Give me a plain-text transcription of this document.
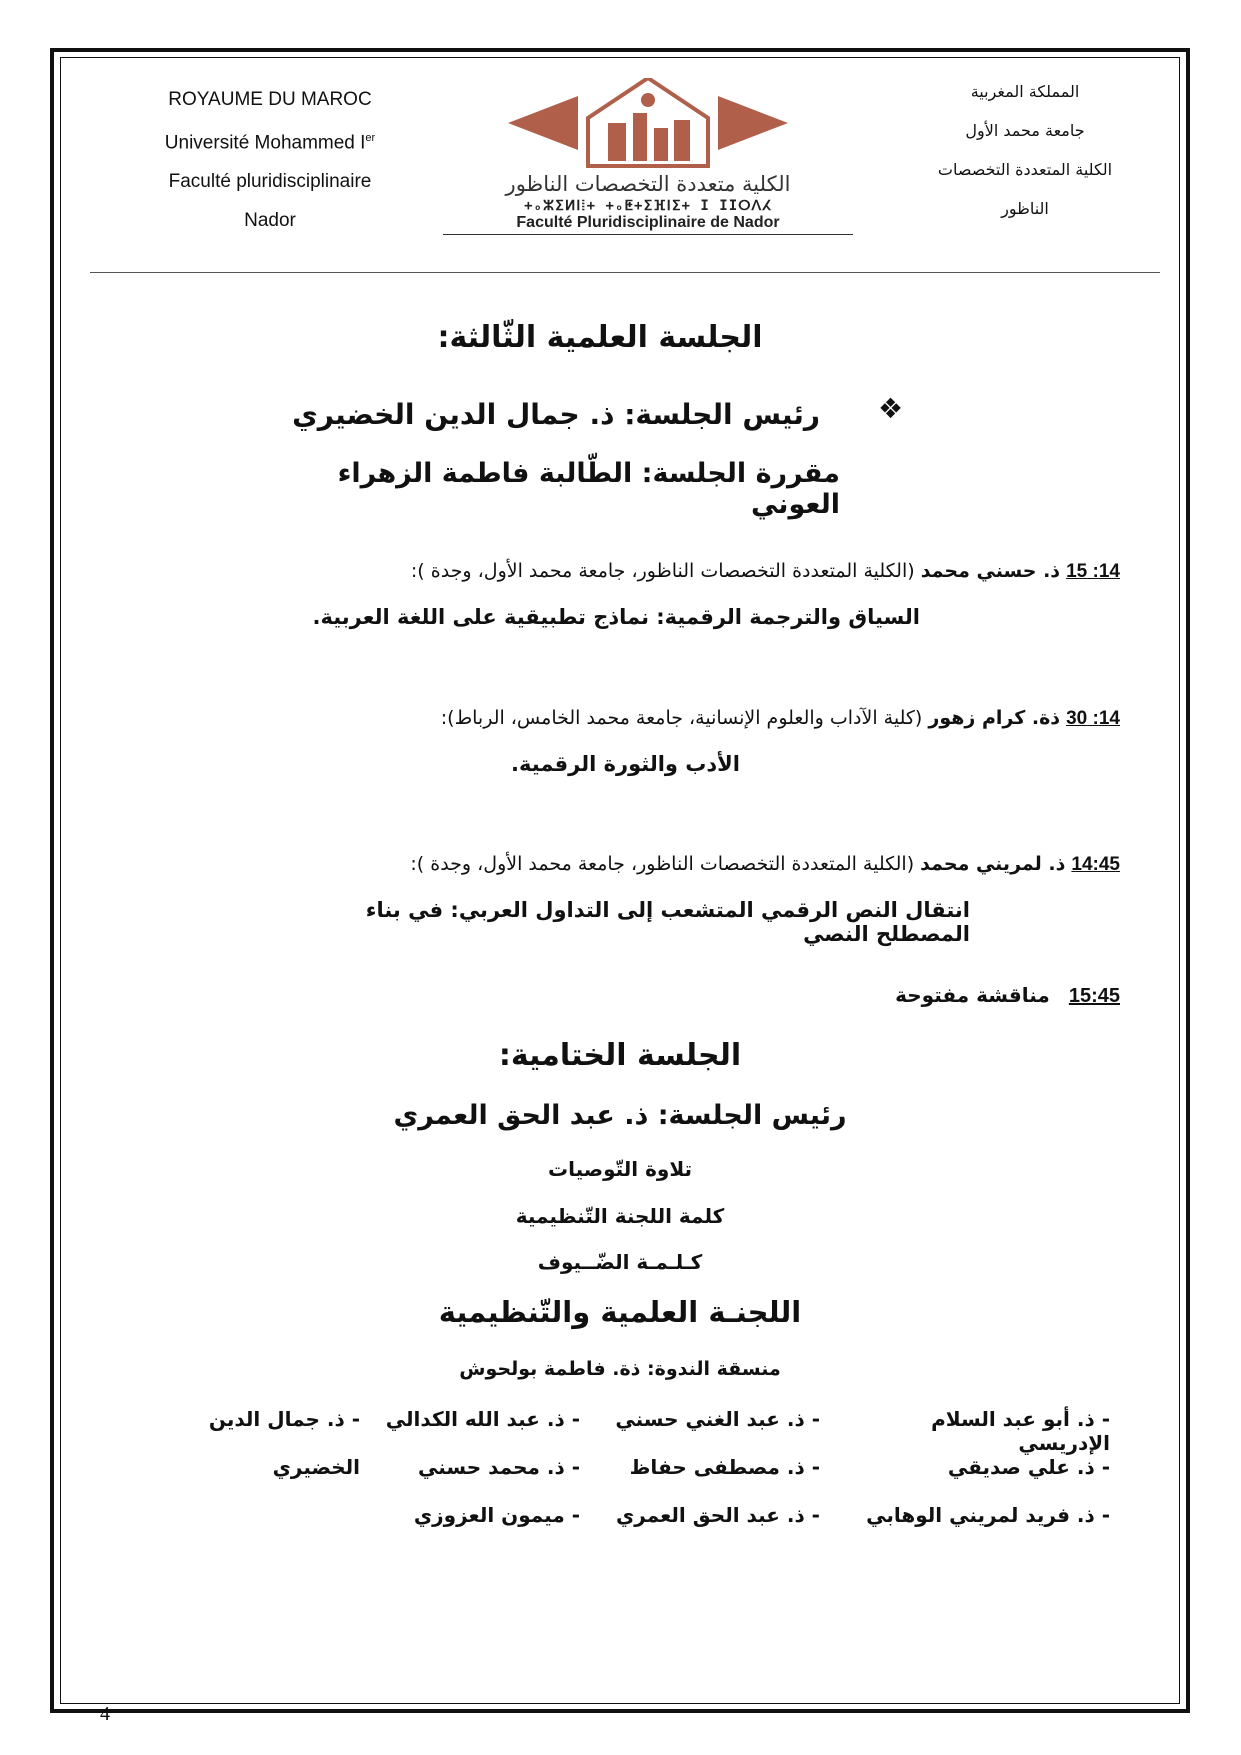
ROYAUME DU MAROC
Université Mohammed Ier
Faculté pluridisciplinaire
Nador
الكلية متعددة التخصصات الناظور
+ₒⵣⵉⵍⵏⵂ+ +ₒⵟ+ⵉⴼⵏⵉ+ I IIⵔⴷⵃ
Faculté Pluridisciplinaire de Nador
المملكة المغربية
جامعة محمد الأول
الكلية المتعددة التخصصات
الناظور
الجلسة العلمية الثّالثة:
❖
رئيس الجلسة: ذ. جمال الدين الخضيري
مقررة الجلسة: الطّالبة فاطمة الزهراء العوني
14: 15 ذ. حسني محمد (الكلية المتعددة التخصصات الناظور، جامعة محمد الأول، وجدة ):
السياق والترجمة الرقمية: نماذج تطبيقية على اللغة العربية.
14: 30 ذة. كرام زهور (كلية الآداب والعلوم الإنسانية، جامعة محمد الخامس، الرباط):
الأدب والثورة الرقمية.
14:45 ذ. لمريني محمد (الكلية المتعددة التخصصات الناظور، جامعة محمد الأول، وجدة ):
انتقال النص الرقمي المتشعب إلى التداول العربي: في بناء المصطلح النصي
15:45   مناقشة مفتوحة
الجلسة الختامية:
رئيس الجلسة: ذ. عبد الحق العمري
تلاوة التّوصيات
كلمة اللجنة التّنظيمية
كـلـمـة الضّــيوف
اللجنـة العلمية والتّنظيمية
منسقة الندوة: ذة. فاطمة بولحوش
- ذ. أبو عبد السلام الإدريسي
- ذ. عبد الغني حسني
- ذ. عبد الله الكدالي
- ذ. جمال الدين
- ذ. علي صديقي
- ذ. مصطفى حفاظ
- ذ. محمد حسني
الخضيري
- ذ. فريد لمريني الوهابي
- ذ. عبد الحق العمري
- ميمون العزوزي
4
